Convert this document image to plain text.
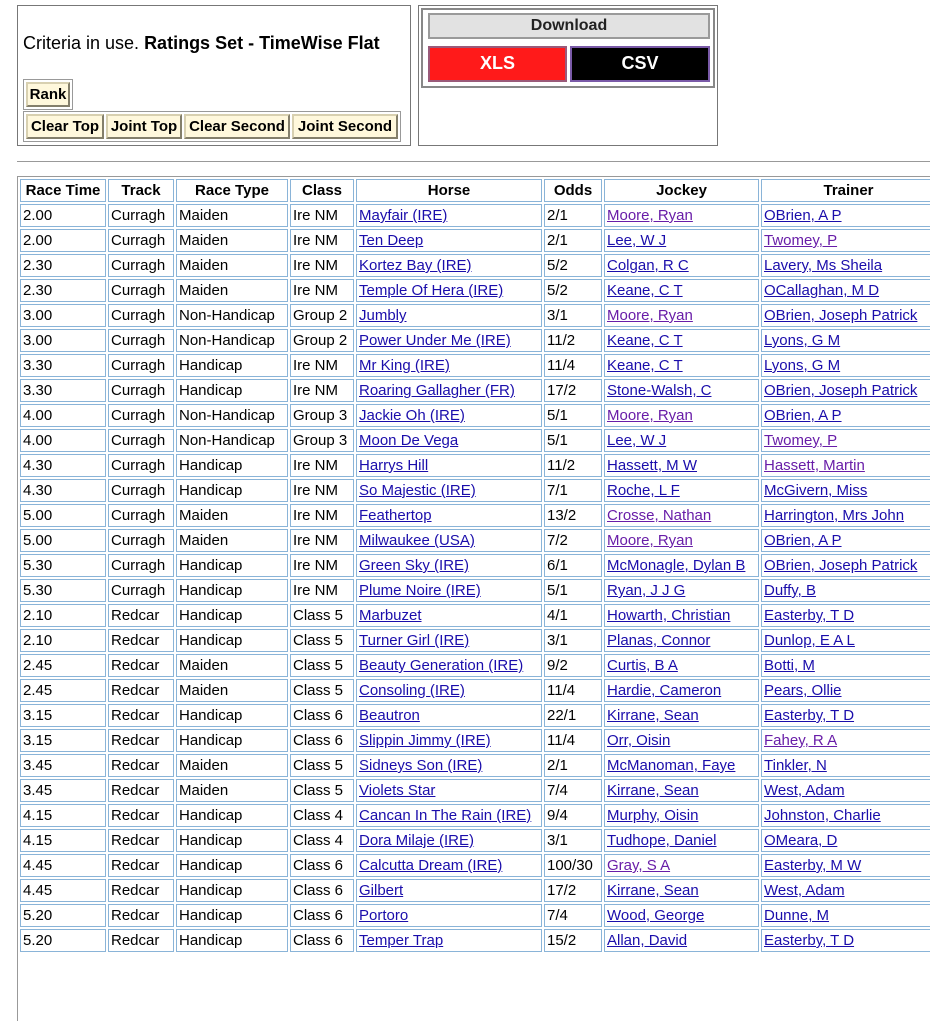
Criteria in use. Ratings Set - TimeWise Flat
Rank
Clear Top Joint Top Clear Second Joint Second
Download
XLS	CSV
Race Time	Track	Race Type	Class	Horse	Odds	Jockey	Trainer
2.00	Curragh	Maiden	Ire NM	Mayfair (IRE)	2/1	Moore, Ryan	OBrien, A P
2.00	Curragh	Maiden	Ire NM	Ten Deep	2/1	Lee, W J	Twomey, P
2.30	Curragh	Maiden	Ire NM	Kortez Bay (IRE)	5/2	Colgan, R C	Lavery, Ms Sheila
2.30	Curragh	Maiden	Ire NM	Temple Of Hera (IRE)	5/2	Keane, C T	OCallaghan, M D
3.00	Curragh	Non-Handicap	Group 2	Jumbly	3/1	Moore, Ryan	OBrien, Joseph Patrick
3.00	Curragh	Non-Handicap	Group 2	Power Under Me (IRE)	11/2	Keane, C T	Lyons, G M
3.30	Curragh	Handicap	Ire NM	Mr King (IRE)	11/4	Keane, C T	Lyons, G M
3.30	Curragh	Handicap	Ire NM	Roaring Gallagher (FR)	17/2	Stone-Walsh, C	OBrien, Joseph Patrick
4.00	Curragh	Non-Handicap	Group 3	Jackie Oh (IRE)	5/1	Moore, Ryan	OBrien, A P
4.00	Curragh	Non-Handicap	Group 3	Moon De Vega	5/1	Lee, W J	Twomey, P
4.30	Curragh	Handicap	Ire NM	Harrys Hill	11/2	Hassett, M W	Hassett, Martin
4.30	Curragh	Handicap	Ire NM	So Majestic (IRE)	7/1	Roche, L F	McGivern, Miss
5.00	Curragh	Maiden	Ire NM	Feathertop	13/2	Crosse, Nathan	Harrington, Mrs John
5.00	Curragh	Maiden	Ire NM	Milwaukee (USA)	7/2	Moore, Ryan	OBrien, A P
5.30	Curragh	Handicap	Ire NM	Green Sky (IRE)	6/1	McMonagle, Dylan B	OBrien, Joseph Patrick
5.30	Curragh	Handicap	Ire NM	Plume Noire (IRE)	5/1	Ryan, J J G	Duffy, B
2.10	Redcar	Handicap	Class 5	Marbuzet	4/1	Howarth, Christian	Easterby, T D
2.10	Redcar	Handicap	Class 5	Turner Girl (IRE)	3/1	Planas, Connor	Dunlop, E A L
2.45	Redcar	Maiden	Class 5	Beauty Generation (IRE)	9/2	Curtis, B A	Botti, M
2.45	Redcar	Maiden	Class 5	Consoling (IRE)	11/4	Hardie, Cameron	Pears, Ollie
3.15	Redcar	Handicap	Class 6	Beautron	22/1	Kirrane, Sean	Easterby, T D
3.15	Redcar	Handicap	Class 6	Slippin Jimmy (IRE)	11/4	Orr, Oisin	Fahey, R A
3.45	Redcar	Maiden	Class 5	Sidneys Son (IRE)	2/1	McManoman, Faye	Tinkler, N
3.45	Redcar	Maiden	Class 5	Violets Star	7/4	Kirrane, Sean	West, Adam
4.15	Redcar	Handicap	Class 4	Cancan In The Rain (IRE)	9/4	Murphy, Oisin	Johnston, Charlie
4.15	Redcar	Handicap	Class 4	Dora Milaje (IRE)	3/1	Tudhope, Daniel	OMeara, D
4.45	Redcar	Handicap	Class 6	Calcutta Dream (IRE)	100/30	Gray, S A	Easterby, M W
4.45	Redcar	Handicap	Class 6	Gilbert	17/2	Kirrane, Sean	West, Adam
5.20	Redcar	Handicap	Class 6	Portoro	7/4	Wood, George	Dunne, M
5.20	Redcar	Handicap	Class 6	Temper Trap	15/2	Allan, David	Easterby, T D
